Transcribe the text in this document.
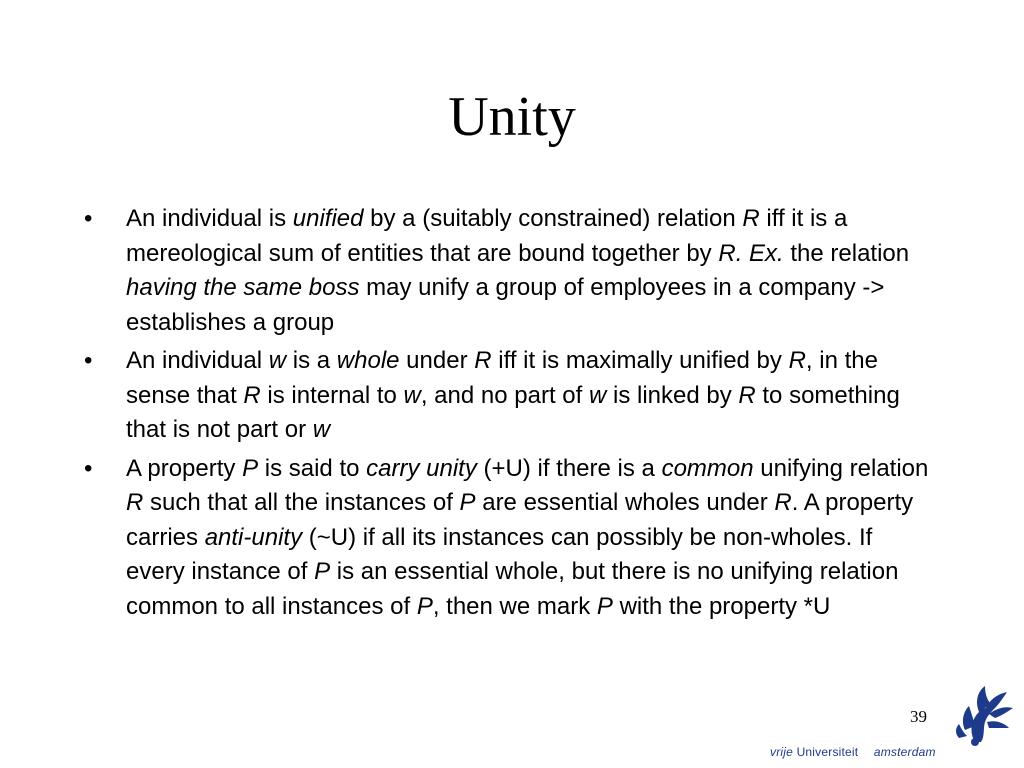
Unity
•	An individual is unified by a (suitably constrained) relation R iff it is a mereological sum of entities that are bound together by R. Ex. the relation having the same boss may unify a group of employees in a company -> establishes a group
•	An individual w is a whole under R iff it is maximally unified by R, in the sense that R is internal to w, and no part of w is linked by R to something that is not part or w
•	A property P is said to carry unity (+U) if there is a common unifying relation R such that all the instances of P are essential wholes under R. A property carries anti-unity (~U) if all its instances can possibly be non-wholes. If every instance of P is an essential whole, but there is no unifying relation common to all instances of P, then we mark P with the property *U
39
vrije Universiteit amsterdam
